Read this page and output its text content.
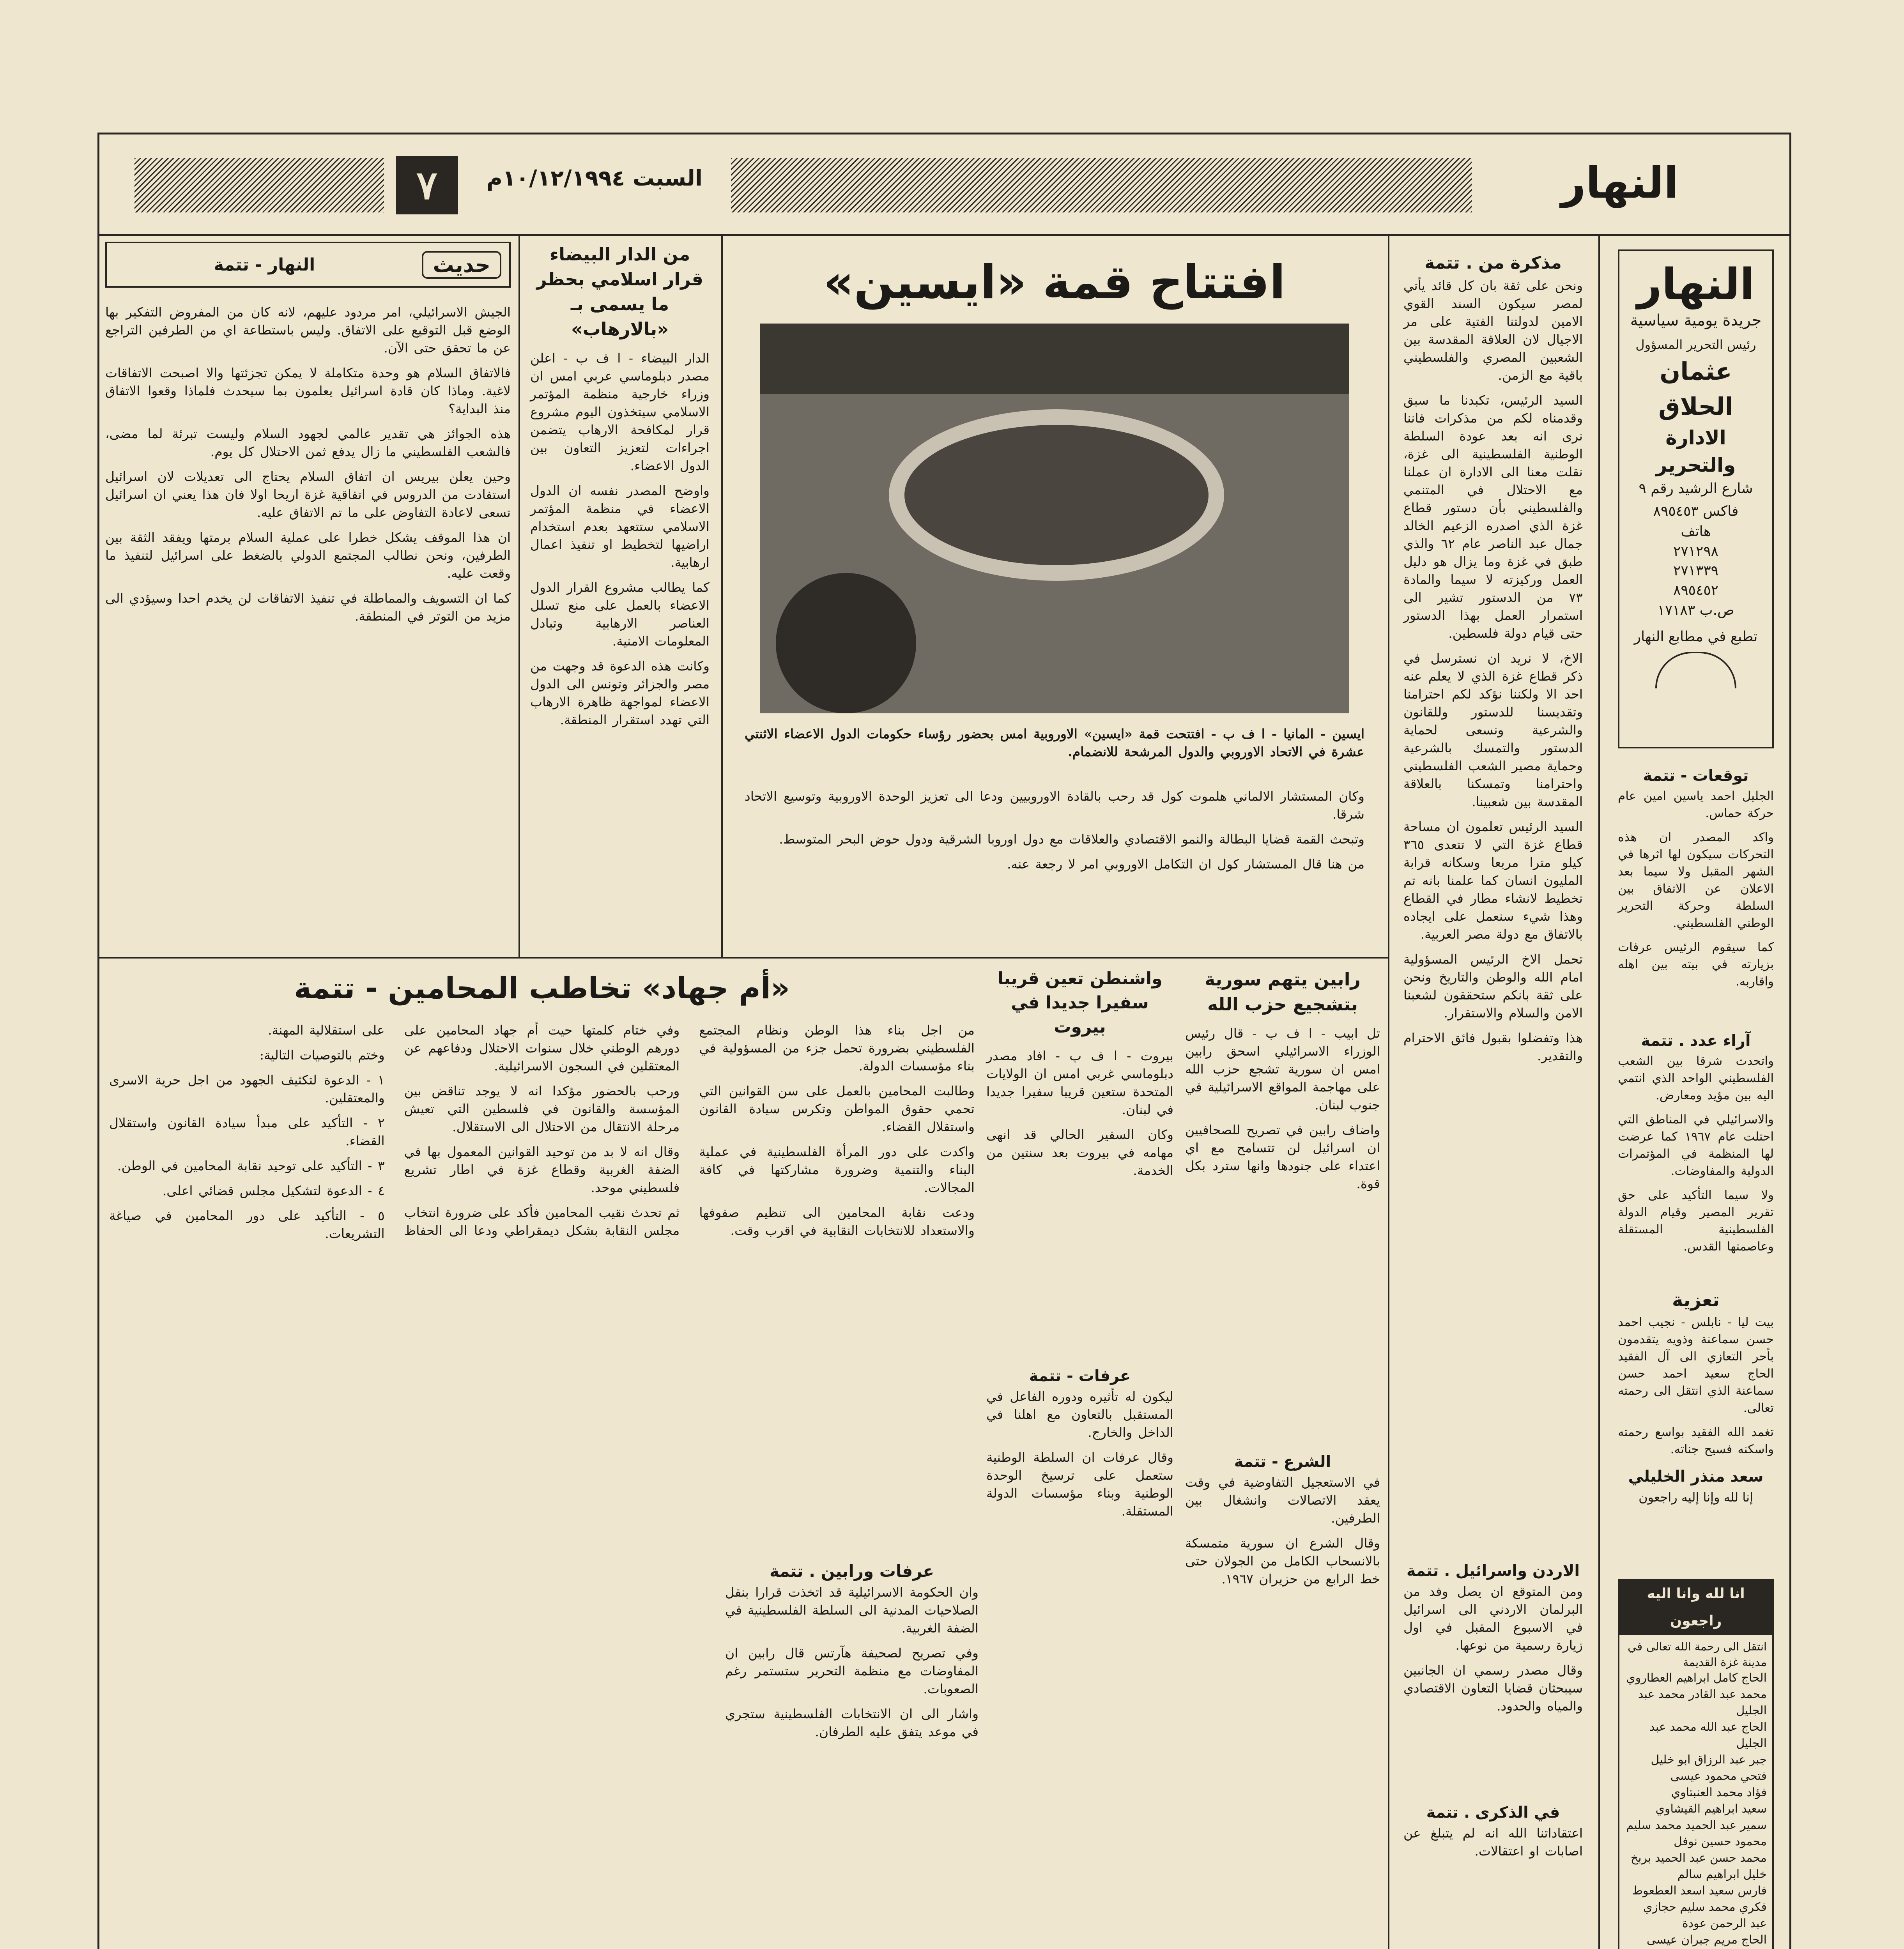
النهار
السبت ١٠/١٢/١٩٩٤م
٧
النهار
جريدة يومية سياسية
رئيس التحرير المسؤول
عثمان الحلاق
الادارة والتحرير
شارع الرشيد رقم ٩
فاكس ٨٩٥٤٥٣
هاتف
٢٧١٢٩٨
٢٧١٣٣٩
٨٩٥٤٥٢
ص.ب ١٧١٨٣
تطبع في مطابع النهار
توقعات - تتمة

الجليل احمد ياسين امين عام حركة حماس.

واكد المصدر ان هذه التحركات سيكون لها اثرها في الشهر المقبل ولا سيما بعد الاعلان عن الاتفاق بين السلطة وحركة التحرير الوطني الفلسطيني.

كما سيقوم الرئيس عرفات بزيارته في بيته بين اهله واقاربه.

آراء عدد . تتمة

واتحدث شرقا بين الشعب الفلسطيني الواحد الذي انتمي اليه بين مؤيد ومعارض.

والاسرائيلي في المناطق التي احتلت عام ١٩٦٧ كما عرضت لها المنظمة في المؤتمرات الدولية والمفاوضات.

ولا سيما التأكيد على حق تقرير المصير وقيام الدولة الفلسطينية المستقلة وعاصمتها القدس.

تعزية

بيت ليا - نابلس - نجيب احمد حسن سماعنة وذويه يتقدمون بأحر التعازي الى آل الفقيد الحاج سعيد احمد حسن سماعنة الذي انتقل الى رحمته تعالى.

تغمد الله الفقيد بواسع رحمته واسكنه فسيح جناته.

سعد منذر الخليلي
إنا لله وإنا إليه راجعون
انا لله وانا اليه راجعون
انتقل الى رحمة الله تعالى في مدينة غزة القديمة
الحاج كامل ابراهيم العطاروي
محمد عبد القادر محمد عبد الجليل
الحاج عبد الله محمد عبد الجليل
جبر عبد الرزاق ابو خليل
فتحي محمود عيسى
فؤاد محمد العنبتاوي
سعيد ابراهيم القيشاوي
سمير عبد الحميد محمد سليم
محمود حسين نوفل
محمد حسن عبد الحميد بربخ
خليل ابراهيم سالم
فارس سعيد اسعد العطعوط
فكري محمد سليم حجازي
عبد الرحمن عودة
الحاج مريم جبران عيسى
مذكرة من . تتمة

ونحن على ثقة بان كل قائد يأتي لمصر سيكون السند القوي الامين لدولتنا الفتية على مر الاجيال لان العلاقة المقدسة بين الشعبين المصري والفلسطيني باقية مع الزمن.

السيد الرئيس، تكبدنا ما سبق وقدمناه لكم من مذكرات فاننا نرى انه بعد عودة السلطة الوطنية الفلسطينية الى غزة، نقلت معنا الى الادارة ان عملنا مع الاحتلال في المتنمي والفلسطيني بأن دستور قطاع غزة الذي اصدره الزعيم الخالد جمال عبد الناصر عام ٦٢ والذي طبق في غزة وما يزال هو دليل العمل وركيزته لا سيما والمادة ٧٣ من الدستور تشير الى استمرار العمل بهذا الدستور حتى قيام دولة فلسطين.

الاخ، لا نريد ان نسترسل في ذكر قطاع غزة الذي لا يعلم عنه احد الا ولكننا نؤكد لكم احترامنا وتقديسنا للدستور وللقانون والشرعية ونسعى لحماية الدستور والتمسك بالشرعية وحماية مصير الشعب الفلسطيني واحترامنا وتمسكنا بالعلاقة المقدسة بين شعبينا.

السيد الرئيس تعلمون ان مساحة قطاع غزة التي لا تتعدى ٣٦٥ كيلو مترا مربعا وسكانه قرابة المليون انسان كما علمنا بانه تم تخطيط لانشاء مطار في القطاع وهذا شيء سنعمل على ايجاده بالاتفاق مع دولة مصر العربية.

تحمل الاخ الرئيس المسؤولية امام الله والوطن والتاريخ ونحن على ثقة بانكم ستحققون لشعبنا الامن والسلام والاستقرار.

هذا وتفضلوا بقبول فائق الاحترام والتقدير.

الاردن واسرائيل . تتمة

ومن المتوقع ان يصل وفد من البرلمان الاردني الى اسرائيل في الاسبوع المقبل في اول زيارة رسمية من نوعها.

وقال مصدر رسمي ان الجانبين سيبحثان قضايا التعاون الاقتصادي والمياه والحدود.

في الذكرى . تتمة
اعتقاداتنا الله انه لم يتبلغ عن اصابات او اعتقالات.
افتتاح قمة «ايسين»
ايسين - المانيا - ا ف ب - افتتحت قمة «ايسين» الاوروبية امس بحضور رؤساء حكومات الدول الاعضاء الاثنتي عشرة في الاتحاد الاوروبي والدول المرشحة للانضمام.

وكان المستشار الالماني هلموت كول قد رحب بالقادة الاوروبيين ودعا الى تعزيز الوحدة الاوروبية وتوسيع الاتحاد شرقا.

وتبحث القمة قضايا البطالة والنمو الاقتصادي والعلاقات مع دول اوروبا الشرقية ودول حوض البحر المتوسط.

من هنا قال المستشار كول ان التكامل الاوروبي امر لا رجعة عنه.

من الدار البيضاء قرار اسلامي بحظر ما يسمى بـ «بالارهاب»

الدار البيضاء - ا ف ب - اعلن مصدر دبلوماسي عربي امس ان وزراء خارجية منظمة المؤتمر الاسلامي سيتخذون اليوم مشروع قرار لمكافحة الارهاب يتضمن اجراءات لتعزيز التعاون بين الدول الاعضاء.

واوضح المصدر نفسه ان الدول الاعضاء في منظمة المؤتمر الاسلامي ستتعهد بعدم استخدام اراضيها لتخطيط او تنفيذ اعمال ارهابية.

كما يطالب مشروع القرار الدول الاعضاء بالعمل على منع تسلل العناصر الارهابية وتبادل المعلومات الامنية.

وكانت هذه الدعوة قد وجهت من مصر والجزائر وتونس الى الدول الاعضاء لمواجهة ظاهرة الارهاب التي تهدد استقرار المنطقة.

حديث
النهار - تتمة

الجيش الاسرائيلي، امر مردود عليهم، لانه كان من المفروض التفكير بها الوضع قبل التوقيع على الاتفاق. وليس باستطاعة اي من الطرفين التراجع عن ما تحقق حتى الآن.

فالاتفاق السلام هو وحدة متكاملة لا يمكن تجزئتها والا اصبحت الاتفاقات لاغية. وماذا كان قادة اسرائيل يعلمون بما سيحدث فلماذا وقعوا الاتفاق منذ البداية؟

هذه الجوائز هي تقدير عالمي لجهود السلام وليست تبرئة لما مضى، فالشعب الفلسطيني ما زال يدفع ثمن الاحتلال كل يوم.

وحين يعلن بيريس ان اتفاق السلام يحتاج الى تعديلات لان اسرائيل استفادت من الدروس في اتفاقية غزة اريحا اولا فان هذا يعني ان اسرائيل تسعى لاعادة التفاوض على ما تم الاتفاق عليه.

ان هذا الموقف يشكل خطرا على عملية السلام برمتها ويفقد الثقة بين الطرفين، ونحن نطالب المجتمع الدولي بالضغط على اسرائيل لتنفيذ ما وقعت عليه.

كما ان التسويف والمماطلة في تنفيذ الاتفاقات لن يخدم احدا وسيؤدي الى مزيد من التوتر في المنطقة.

رابين يتهم سورية بتشجيع حزب الله

تل ابيب - ا ف ب - قال رئيس الوزراء الاسرائيلي اسحق رابين امس ان سورية تشجع حزب الله على مهاجمة المواقع الاسرائيلية في جنوب لبنان.

واضاف رابين في تصريح للصحافيين ان اسرائيل لن تتسامح مع اي اعتداء على جنودها وانها سترد بكل قوة.

الشرع - تتمة

في الاستعجيل التفاوضية في وقت يعقد الاتصالات وانشغال بين الطرفين.

وقال الشرع ان سورية متمسكة بالانسحاب الكامل من الجولان حتى خط الرابع من حزيران ١٩٦٧.

واشنطن تعين قريبا سفيرا جديدا في بيروت

بيروت - ا ف ب - افاد مصدر دبلوماسي غربي امس ان الولايات المتحدة ستعين قريبا سفيرا جديدا في لبنان.

وكان السفير الحالي قد انهى مهامه في بيروت بعد سنتين من الخدمة.

عرفات - تتمة

ليكون له تأثيره ودوره الفاعل في المستقبل بالتعاون مع اهلنا في الداخل والخارج.

وقال عرفات ان السلطة الوطنية ستعمل على ترسيخ الوحدة الوطنية وبناء مؤسسات الدولة المستقلة.

عرفات ورابين . تتمة

وان الحكومة الاسرائيلية قد اتخذت قرارا بنقل الصلاحيات المدنية الى السلطة الفلسطينية في الضفة الغربية.

وفي تصريح لصحيفة هآرتس قال رابين ان المفاوضات مع منظمة التحرير ستستمر رغم الصعوبات.

واشار الى ان الانتخابات الفلسطينية ستجري في موعد يتفق عليه الطرفان.

«أم جهاد» تخاطب المحامين - تتمة

من اجل بناء هذا الوطن ونظام المجتمع الفلسطيني بضرورة تحمل جزء من المسؤولية في بناء مؤسسات الدولة.

وطالبت المحامين بالعمل على سن القوانين التي تحمي حقوق المواطن وتكرس سيادة القانون واستقلال القضاء.

واكدت على دور المرأة الفلسطينية في عملية البناء والتنمية وضرورة مشاركتها في كافة المجالات.

ودعت نقابة المحامين الى تنظيم صفوفها والاستعداد للانتخابات النقابية في اقرب وقت.

وفي ختام كلمتها حيت أم جهاد المحامين على دورهم الوطني خلال سنوات الاحتلال ودفاعهم عن المعتقلين في السجون الاسرائيلية.

ورحب بالحضور مؤكدا انه لا يوجد تناقض بين المؤسسة والقانون في فلسطين التي تعيش مرحلة الانتقال من الاحتلال الى الاستقلال.

وقال انه لا بد من توحيد القوانين المعمول بها في الضفة الغربية وقطاع غزة في اطار تشريع فلسطيني موحد.

ثم تحدث نقيب المحامين فأكد على ضرورة انتخاب مجلس النقابة بشكل ديمقراطي ودعا الى الحفاظ على استقلالية المهنة.

وختم بالتوصيات التالية:

١ - الدعوة لتكثيف الجهود من اجل حرية الاسرى والمعتقلين.

٢ - التأكيد على مبدأ سيادة القانون واستقلال القضاء.

٣ - التأكيد على توحيد نقابة المحامين في الوطن.

٤ - الدعوة لتشكيل مجلس قضائي اعلى.

٥ - التأكيد على دور المحامين في صياغة التشريعات.
